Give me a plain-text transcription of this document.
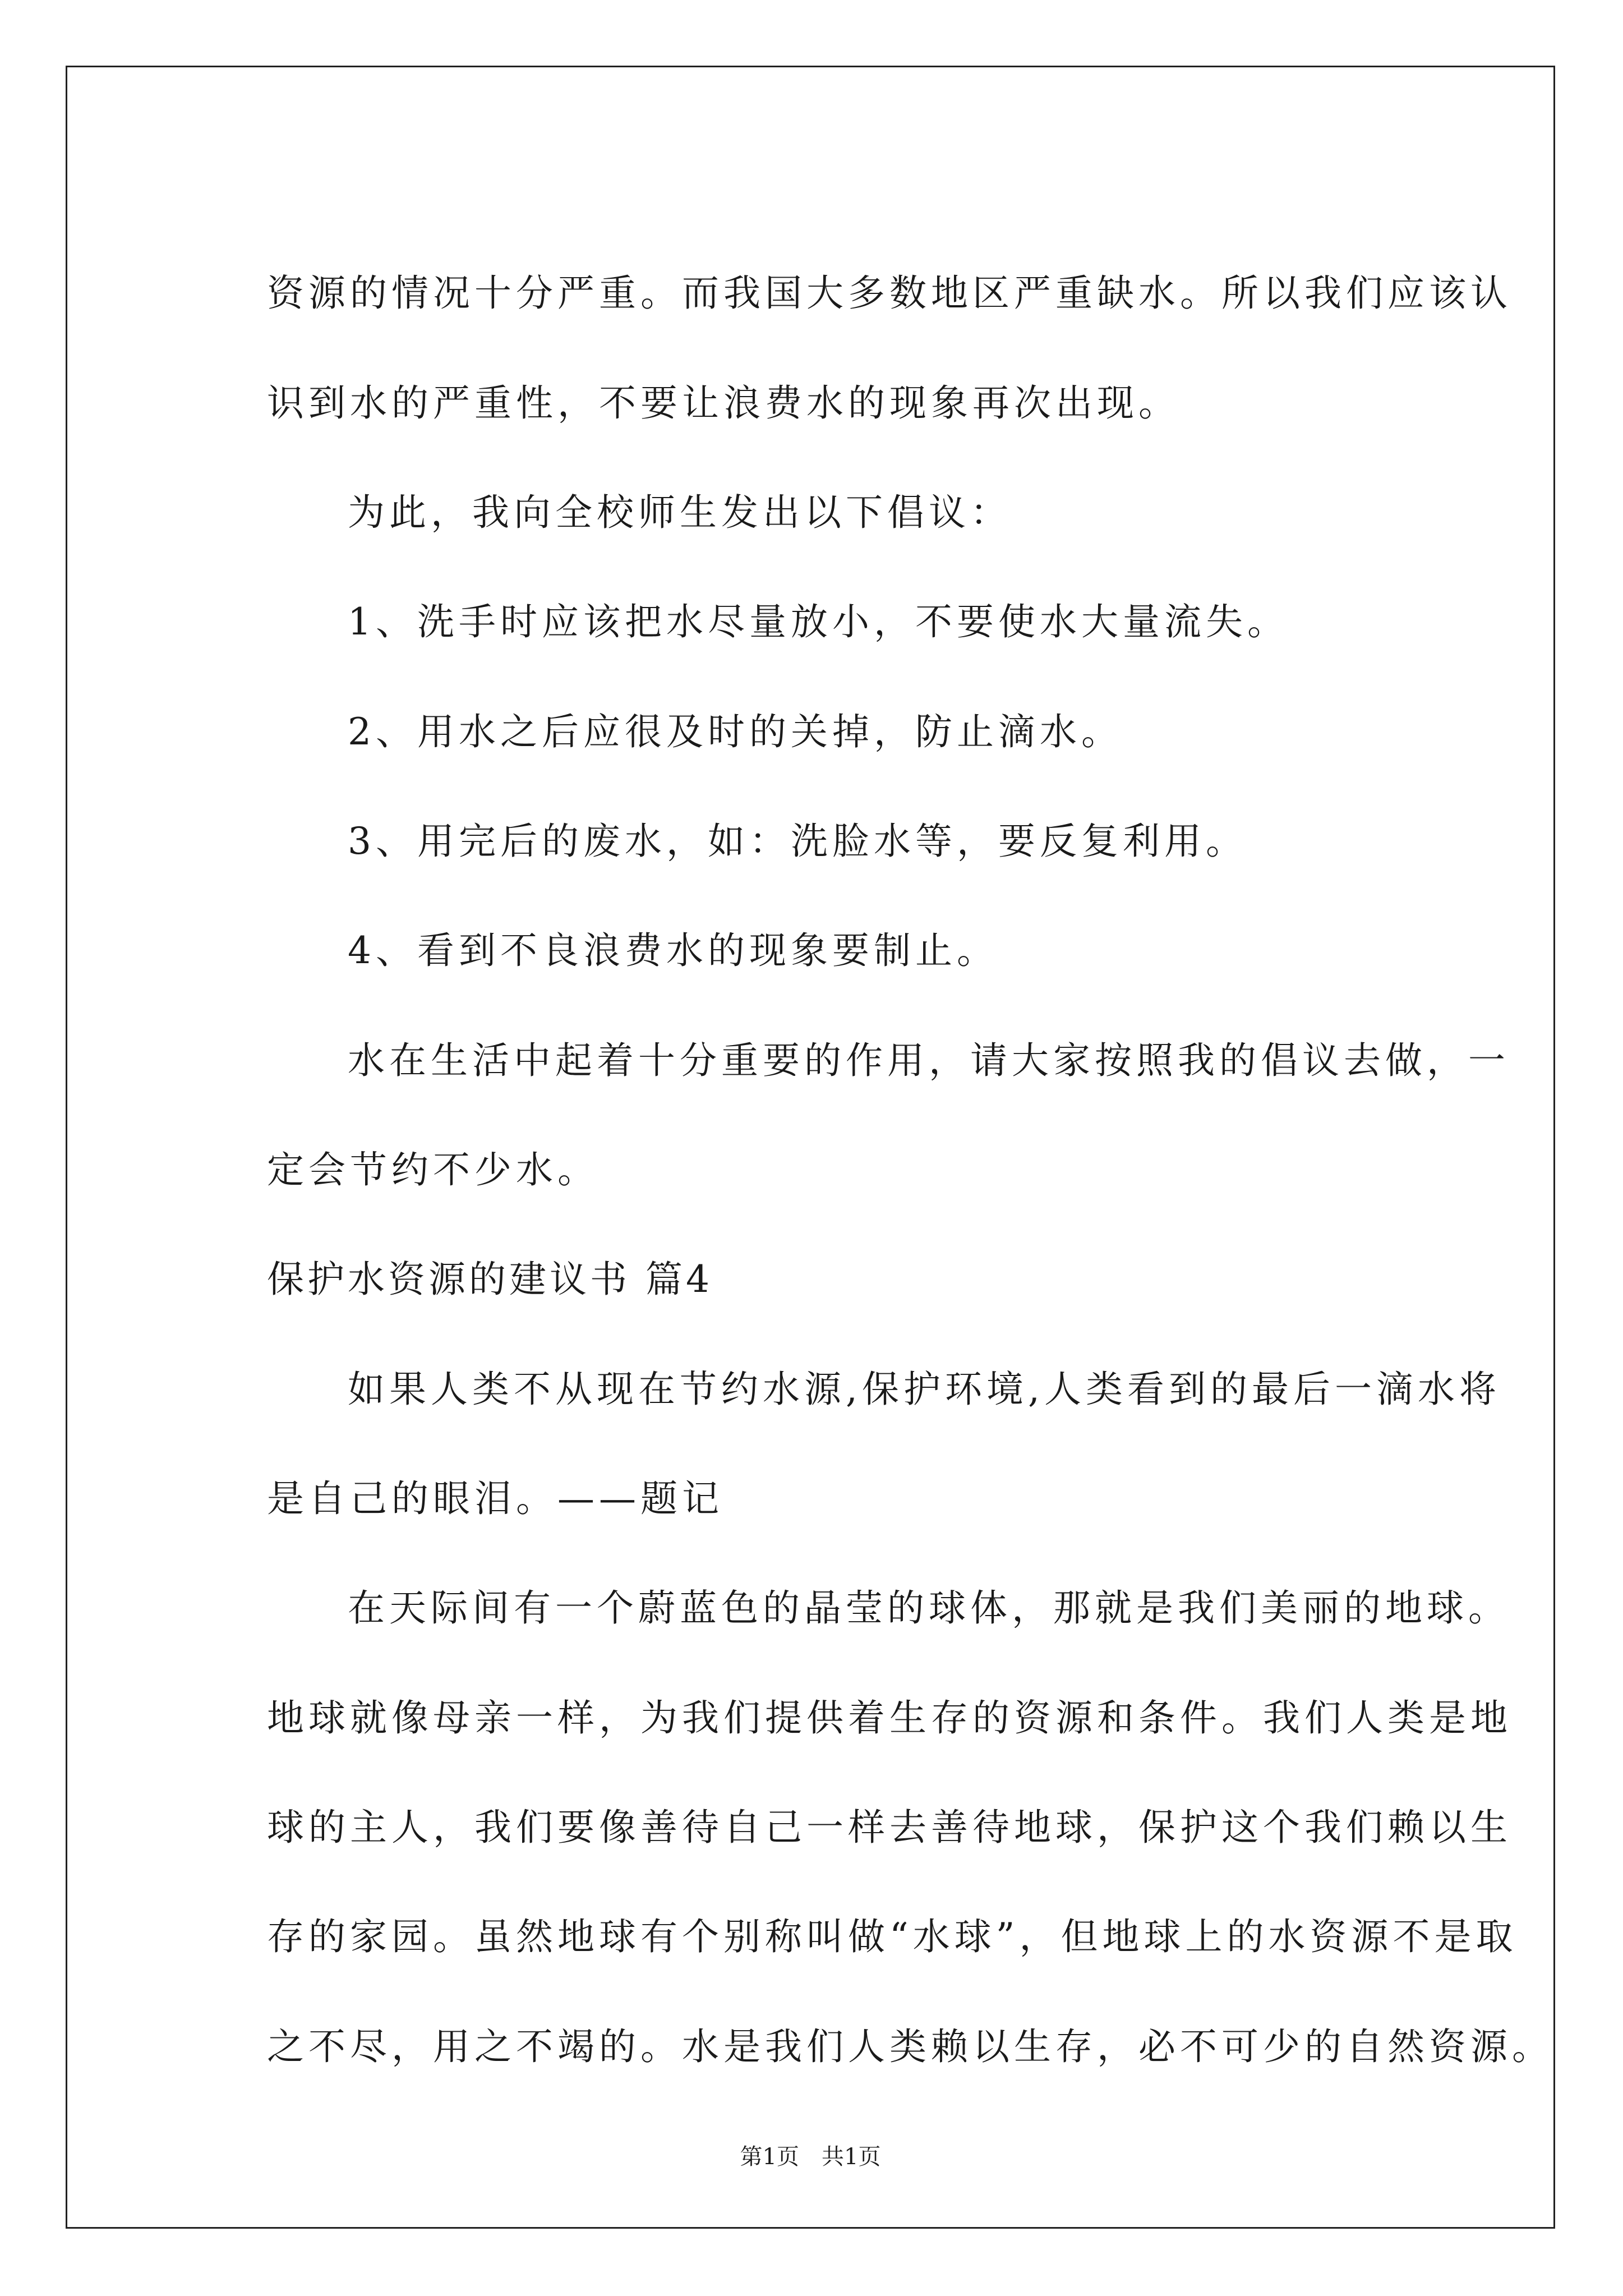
资源的情况十分严重。而我国大多数地区严重缺水。所以我们应该认
识到水的严重性，不要让浪费水的现象再次出现。
为此，我向全校师生发出以下倡议：
1、洗手时应该把水尽量放小，不要使水大量流失。
2、用水之后应很及时的关掉，防止滴水。
3、用完后的废水，如：洗脸水等，要反复利用。
4、看到不良浪费水的现象要制止。
水在生活中起着十分重要的作用，请大家按照我的倡议去做，一
定会节约不少水。
保护水资源的建议书 篇4
如果人类不从现在节约水源,保护环境,人类看到的最后一滴水将
是自己的眼泪。——题记
在天际间有一个蔚蓝色的晶莹的球体，那就是我们美丽的地球。
地球就像母亲一样，为我们提供着生存的资源和条件。我们人类是地
球的主人，我们要像善待自己一样去善待地球，保护这个我们赖以生
存的家园。虽然地球有个别称叫做“水球”，但地球上的水资源不是取
之不尽，用之不竭的。水是我们人类赖以生存，必不可少的自然资源。
第1页　共1页
